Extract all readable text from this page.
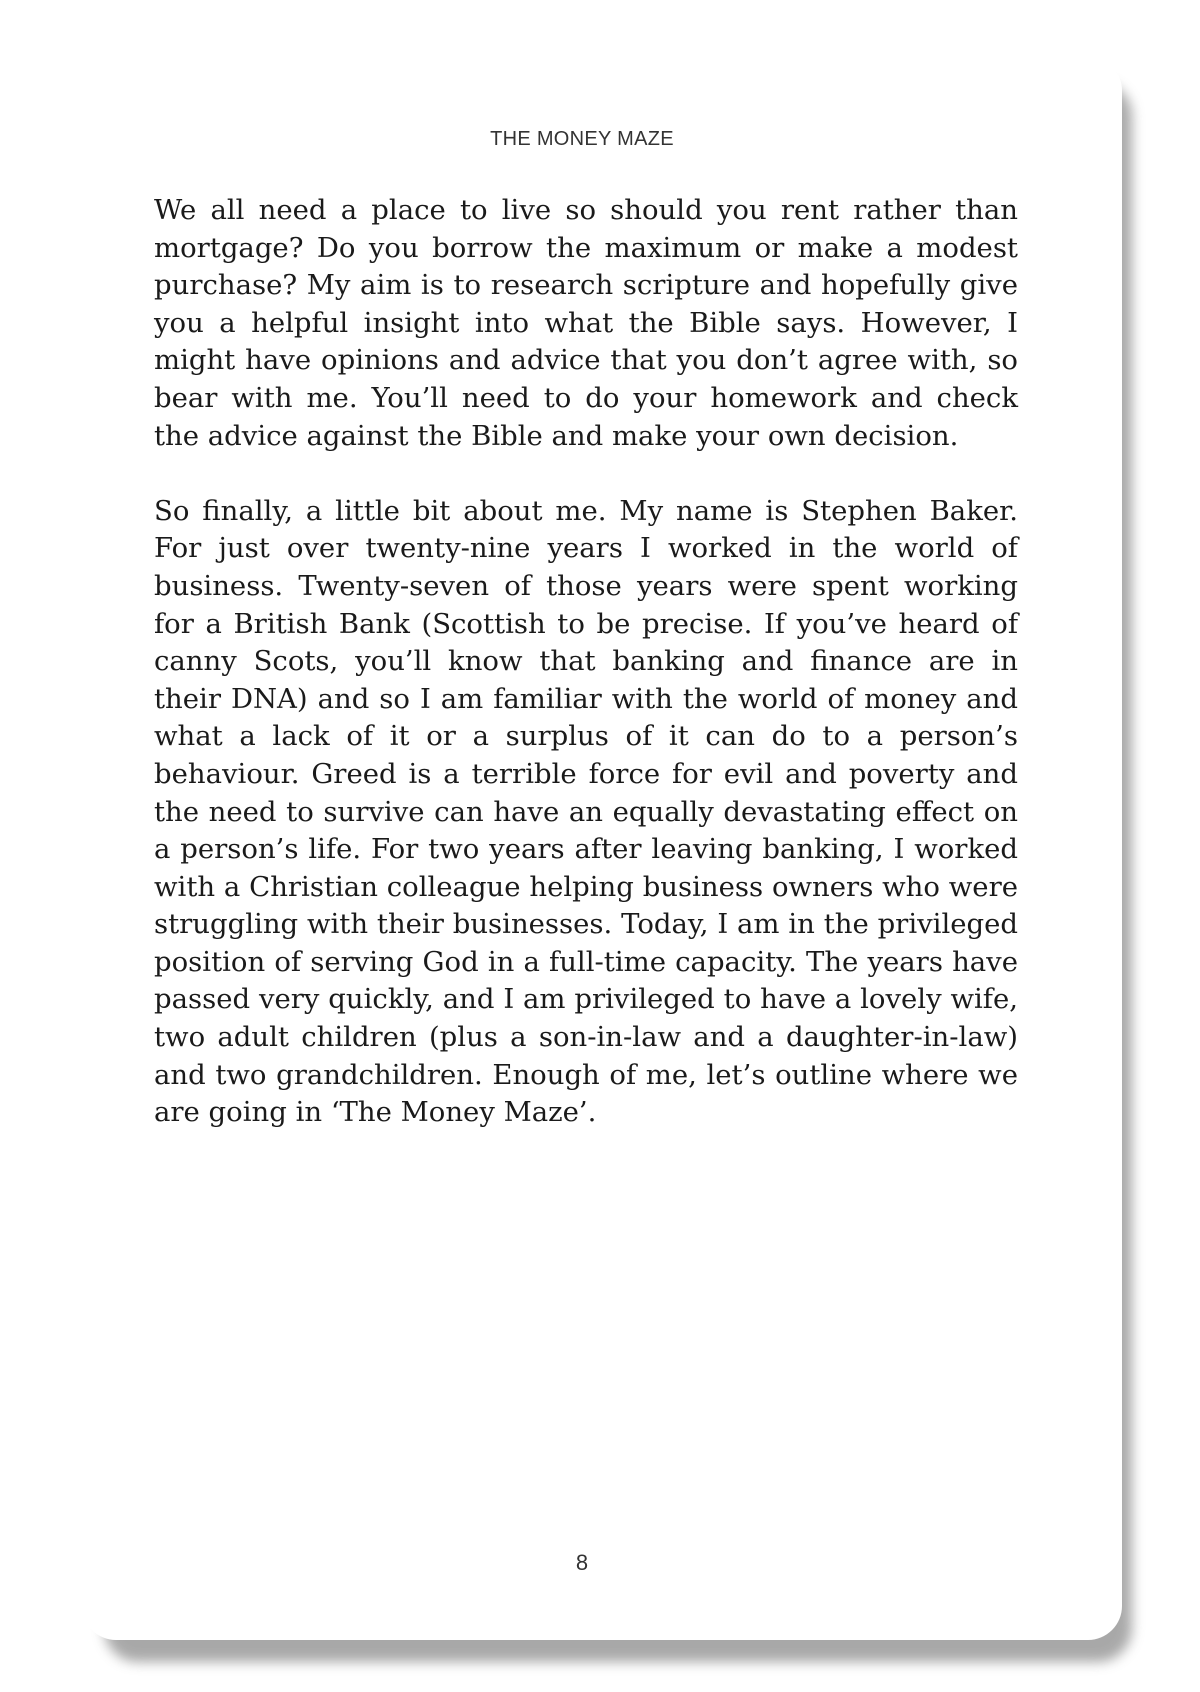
THE MONEY MAZE

We all need a place to live so should you rent rather than mortgage? Do you borrow the maximum or make a modest purchase? My aim is to research scripture and hopefully give you a helpful insight into what the Bible says. However, I might have opinions and advice that you don’t agree with, so bear with me. You’ll need to do your homework and check the advice against the Bible and make your own decision.

So finally, a little bit about me. My name is Stephen Baker. For just over twenty-nine years I worked in the world of business. Twenty-seven of those years were spent working for a British Bank (Scottish to be precise. If you’ve heard of canny Scots, you’ll know that banking and finance are in their DNA) and so I am familiar with the world of money and what a lack of it or a surplus of it can do to a person’s behaviour. Greed is a terrible force for evil and poverty and the need to survive can have an equally devastating effect on a person’s life. For two years after leaving banking, I worked with a Christian colleague helping business owners who were struggling with their businesses. Today, I am in the privileged position of serving God in a full-time capacity. The years have passed very quickly, and I am privileged to have a lovely wife, two adult children (plus a son-in-law and a daughter-in-law) and two grandchildren. Enough of me, let’s outline where we are going in ‘The Money Maze’.

8
